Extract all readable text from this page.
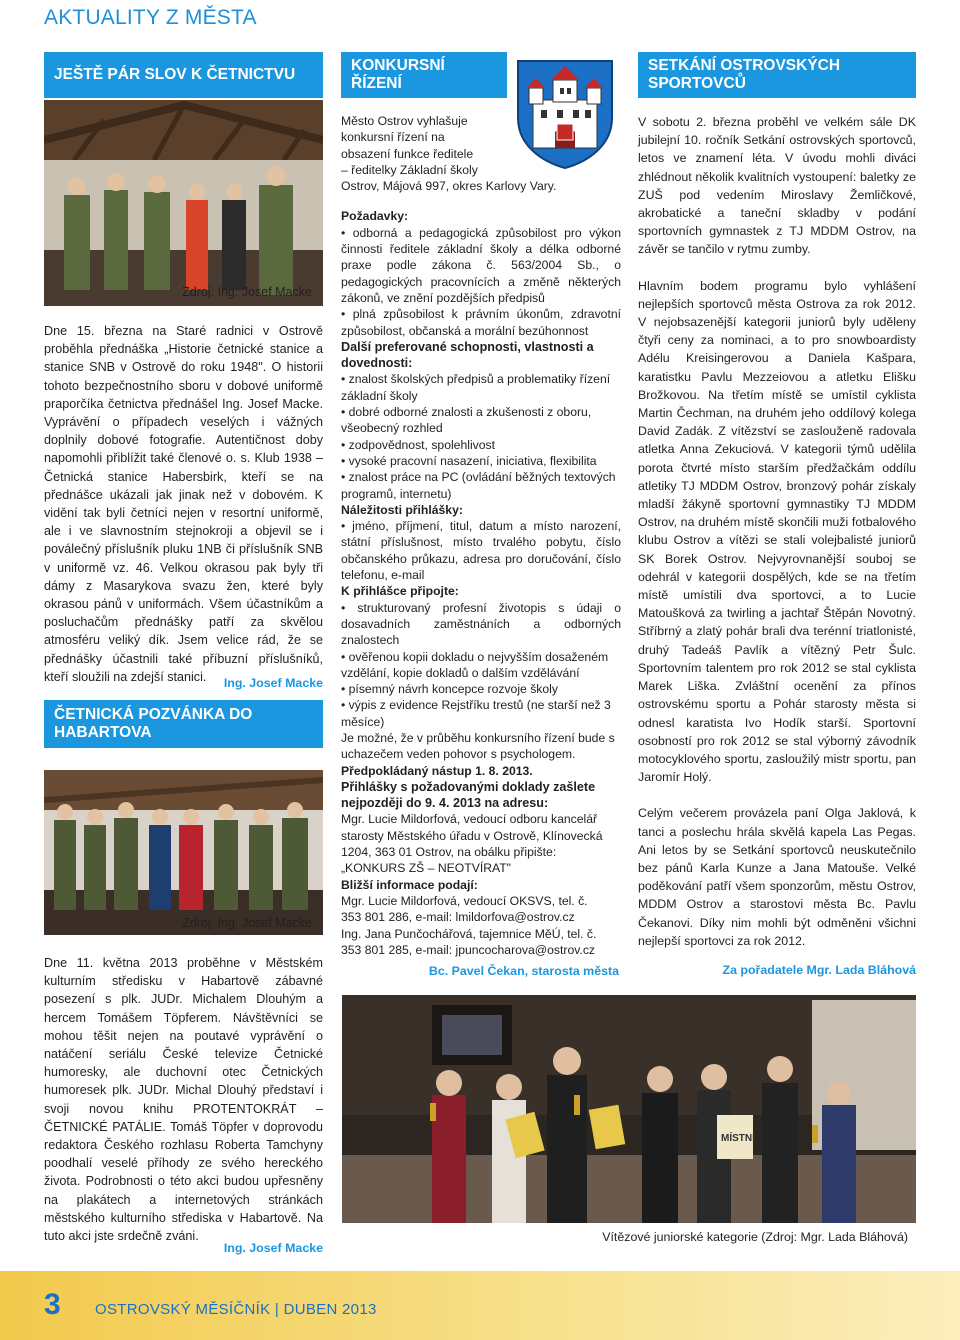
AKTUALITY Z MĚSTA
JEŠTĚ PÁR SLOV K ČETNICTVU
Zdroj: Ing. Josef Macke

Dne 15. března na Staré radnici v Ostrově proběhla přednáška „Historie četnické stanice a stanice SNB v Ostrově do roku 1948". O historii tohoto bezpečnostního sboru v dobové uniformě praporčíka četnictva přednášel Ing. Josef Macke. Vyprávění o případech veselých i vážných doplnily dobové fotografie. Autentičnost doby napomohli přiblížit také členové o. s. Klub 1938 – Četnická stanice Habersbirk, kteří se na přednášce ukázali jak jinak než v dobovém. K vidění tak byli četníci nejen v resortní uniformě, ale i ve slavnostním stejnokroji a objevil se i poválečný příslušník pluku 1NB či příslušník SNB v uniformě vz. 46. Velkou okrasou pak byly tři dámy z Masarykova svazu žen, které byly okrasou pánů v uniformách. Všem účastníkům a posluchačům přednášky patří za skvělou atmosféru veliký dík. Jsem velice rád, že se přednášky účastnili také příbuzní příslušníků, kteří sloužili na zdejší stanici.	Ing. Josef Macke
ČETNICKÁ POZVÁNKA DO HABARTOVA
Zdroj: Ing. Josef Macke
Dne 11. května 2013 proběhne v Městském kulturním středisku v Habartově zábavné posezení s plk. JUDr. Michalem Dlouhým a hercem Tomášem Töpferem. Návštěvníci se mohou těšit nejen na poutavé vyprávění o natáčení seriálu České televize Četnické humoresky, ale duchovní otec Četnických humoresek plk. JUDr. Michal Dlouhý představí i svoji novou knihu PROTENTOKRÁT – ČETNICKÉ PATÁLIE. Tomáš Töpfer v doprovodu redaktora Českého rozhlasu Roberta Tamchyny poodhalí veselé příhody ze svého hereckého života. Podrobnosti o této akci budou upřesněny na plakátech a internetových stránkách městského kulturního střediska v Habartově. Na tuto akci jste srdečně zváni.
Ing. Josef Macke
KONKURSNÍ ŘÍZENÍ
Město Ostrov vyhlašuje
konkursní řízení na
obsazení funkce ředitele
– ředitelky Základní školy
Ostrov, Májová 997, okres Karlovy Vary.
Požadavky:
• odborná a pedagogická způsobilost pro výkon činnosti ředitele základní školy a délka odborné praxe podle zákona č. 563/2004 Sb., o pedagogických pracovnících a změně některých zákonů, ve znění pozdějších předpisů
• plná způsobilost k právním úkonům, zdravotní způsobilost, občanská a morální bezúhonnost
Další preferované schopnosti, vlastnosti a dovednosti:
• znalost školských předpisů a problematiky řízení základní školy
• dobré odborné znalosti a zkušenosti z oboru, všeobecný rozhled
• zodpovědnost, spolehlivost
• vysoké pracovní nasazení, iniciativa, flexibilita
• znalost práce na PC (ovládání běžných textových programů, internetu)
Náležitosti přihlášky:
• jméno, příjmení, titul, datum a místo narození, státní příslušnost, místo trvalého pobytu, číslo občanského průkazu, adresa pro doručování, číslo telefonu, e-mail
K přihlášce připojte:
• strukturovaný profesní životopis s údaji o dosavadních zaměstnáních a odborných znalostech
• ověřenou kopii dokladu o nejvyšším dosaženém vzdělání, kopie dokladů o dalším vzdělávání
• písemný návrh koncepce rozvoje školy
• výpis z evidence Rejstříku trestů (ne starší než 3 měsíce)
Je možné, že v průběhu konkursního řízení bude s uchazečem veden pohovor s psychologem.
Předpokládaný nástup 1. 8. 2013.
Přihlášky s požadovanými doklady zašlete nejpozději do 9. 4. 2013 na adresu:
Mgr. Lucie Mildorfová, vedoucí odboru kancelář starosty Městského úřadu v Ostrově, Klínovecká 1204, 363 01 Ostrov, na obálku připište:
„KONKURS ZŠ – NEOTVÍRAT"
Bližší informace podají:
Mgr. Lucie Mildorfová, vedoucí OKSVS, tel. č.
353 801 286, e-mail: lmildorfova@ostrov.cz
Ing. Jana Punčochářová, tajemnice MěÚ, tel. č.
353 801 285, e-mail: jpuncocharova@ostrov.cz
Bc. Pavel Čekan, starosta města
SETKÁNÍ OSTROVSKÝCH SPORTOVCŮ

V sobotu 2. března proběhl ve velkém sále DK jubilejní 10. ročník Setkání ostrovských sportovců, letos ve znamení léta. V úvodu mohli diváci zhlédnout několik kvalitních vystoupení: baletky ze ZUŠ pod vedením Miroslavy Žemličkové, akrobatické a taneční skladby v podání sportovních gymnastek z TJ MDDM Ostrov, na závěr se tančilo v rytmu zumby.

Hlavním bodem programu bylo vyhlášení nejlepších sportovců města Ostrova za rok 2012. V nejobsazenější kategorii juniorů byly uděleny čtyři ceny za nominaci, a to pro snowboardisty Adélu Kreisingerovou a Daniela Kašpara, karatistku Pavlu Mezzeiovou a atletku Elišku Brožkovou. Na třetím místě se umístil cyklista Martin Čechman, na druhém jeho oddílový kolega David Zadák. Z vítězství se zaslouženě radovala atletka Anna Zekuciová. V kategorii týmů udělila porota čtvrté místo starším předžačkám oddílu atletiky TJ MDDM Ostrov, bronzový pohár získaly mladší žákyně sportovní gymnastiky TJ MDDM Ostrov, na druhém místě skončili muži fotbalového klubu Ostrov a vítězi se stali volejbalisté juniorů SK Borek Ostrov. Nejvyrovnanější souboj se odehrál v kategorii dospělých, kde se na třetím místě umístili dva sportovci, a to Lucie Matoušková za twirling a jachtař Štěpán Novotný. Stříbrný a zlatý pohár brali dva terénní triatlonisté, druhý Tadeáš Pavlík a vítězný Petr Šulc. Sportovním talentem pro rok 2012 se stal cyklista Marek Liška. Zvláštní ocenění za přínos ostrovskému sportu a Pohár starosty města si odnesl karatista Ivo Hodík starší. Sportovní osobností pro rok 2012 se stal výborný závodník motocyklového sportu, zasloužilý mistr sportu, pan Jaromír Holý.

Celým večerem provázela paní Olga Jaklová, k tanci a poslechu hrála skvělá kapela Las Pegas. Ani letos by se Setkání sportovců neuskutečnilo bez pánů Karla Kunze a Jana Matouše. Velké poděkování patří všem sponzorům, městu Ostrov, MDDM Ostrov a starostovi města Bc. Pavlu Čekanovi. Díky nim mohli být odměněni všichni nejlepší sportovci za rok 2012.

Za pořadatele Mgr. Lada Bláhová
MÍSTNÍ
Vítězové juniorské kategorie (Zdroj: Mgr. Lada Bláhová)
3 OSTROVSKÝ MĚSÍČNÍK | DUBEN 2013
